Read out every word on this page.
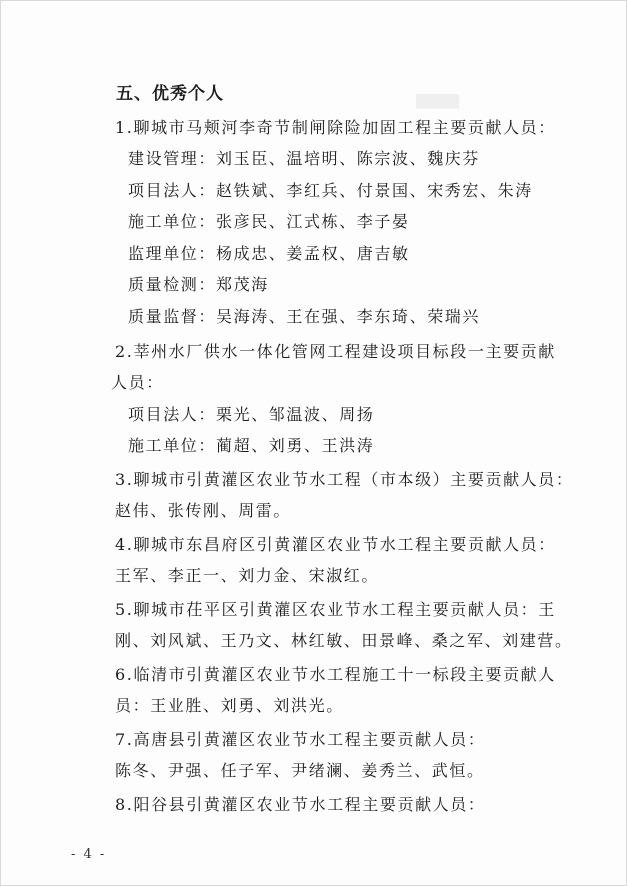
▇▇▇▇
五、优秀个人
1.聊城市马颊河李奇节制闸除险加固工程主要贡献人员：
建设管理：刘玉臣、温培明、陈宗波、魏庆芬
项目法人：赵铁斌、李红兵、付景国、宋秀宏、朱涛
施工单位：张彦民、江式栋、李子晏
监理单位：杨成忠、姜孟权、唐吉敏
质量检测：郑茂海
质量监督：吴海涛、王在强、李东琦、荣瑞兴
2.莘州水厂供水一体化管网工程建设项目标段一主要贡献
人员：
项目法人：栗光、邹温波、周扬
施工单位：蔺超、刘勇、王洪涛
3.聊城市引黄灌区农业节水工程（市本级）主要贡献人员：
赵伟、张传刚、周雷。
4.聊城市东昌府区引黄灌区农业节水工程主要贡献人员：
王军、李正一、刘力金、宋淑红。
5.聊城市茌平区引黄灌区农业节水工程主要贡献人员：王
刚、刘风斌、王乃文、林红敏、田景峰、桑之军、刘建营。
6.临清市引黄灌区农业节水工程施工十一标段主要贡献人
员：王业胜、刘勇、刘洪光。
7.高唐县引黄灌区农业节水工程主要贡献人员：
陈冬、尹强、任子军、尹绪澜、姜秀兰、武恒。
8.阳谷县引黄灌区农业节水工程主要贡献人员：
- 4 -
